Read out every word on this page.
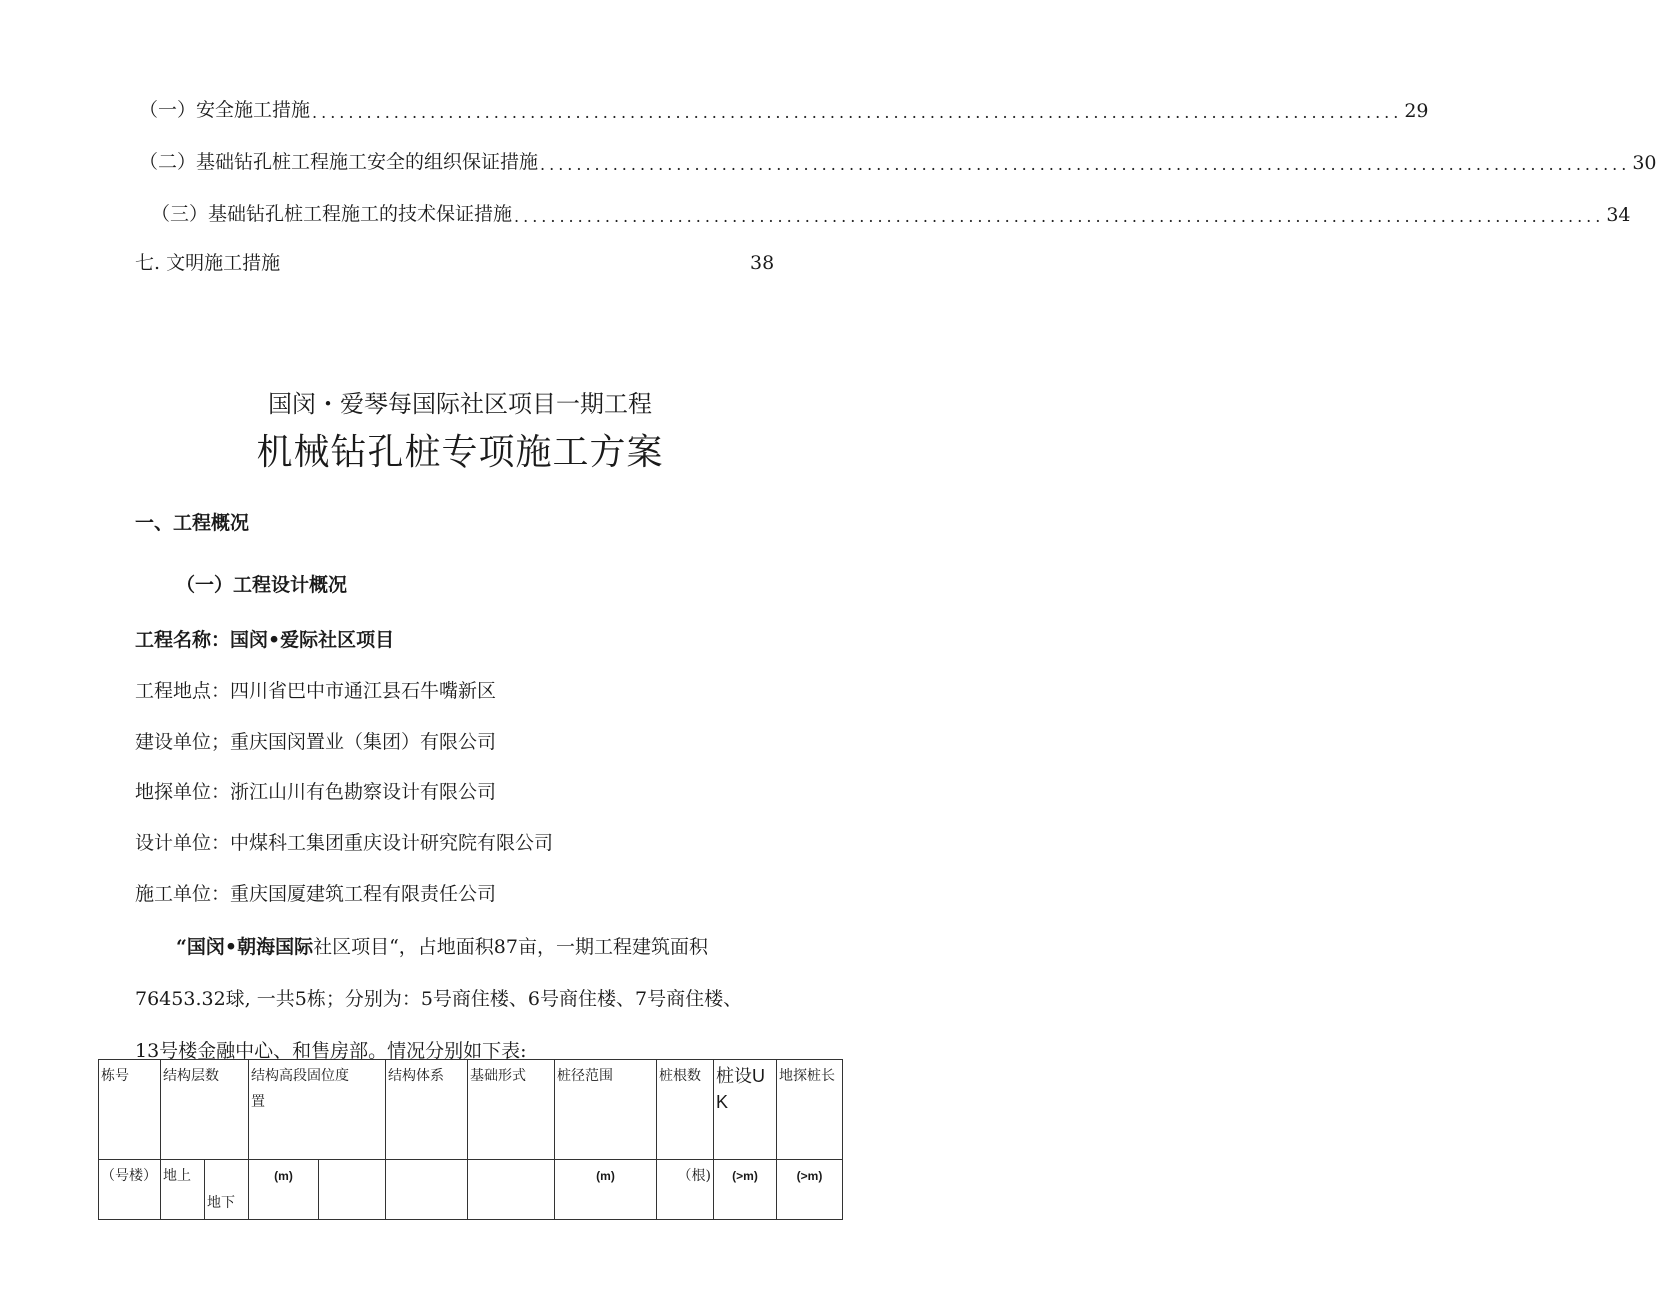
（一）安全施工措施 ........................................................................................................................ 29
（二）基础钻孔桩工程施工安全的组织保证措施 ........................................................................................................................ 30
（三）基础钻孔桩工程施工的技术保证措施 ........................................................................................................................ 34
七. 文明施工措施	38
国闵・爱琴每国际社区项目一期工程
机械钻孔桩专项施工方案
一、工程概况
（一）工程设计概况
工程名称：国闵•爱际社区项目
工程地点：四川省巴中市通江县石牛嘴新区
建设单位；重庆国闵置业（集团）有限公司
地探单位：浙江山川有色勘察设计有限公司
设计单位：中煤科工集团重庆设计研究院有限公司
施工单位：重庆国厦建筑工程有限责任公司
“国闵•朝海国际社区项目“，占地面积87亩，一期工程建筑面积
76453.32球, 一共5栋；分别为：5号商住楼、6号商住楼、7号商住楼、
13号楼金融中心、和售房部。情况分别如下表:
栋号	结构层数		结构高段固位度　　　置		结构体系	基础形式	桩径范围	桩根数	桩设UK	地探桩长
（号楼）	地上	地下	(m)				(m)	（根)	(>m)	(>m)
